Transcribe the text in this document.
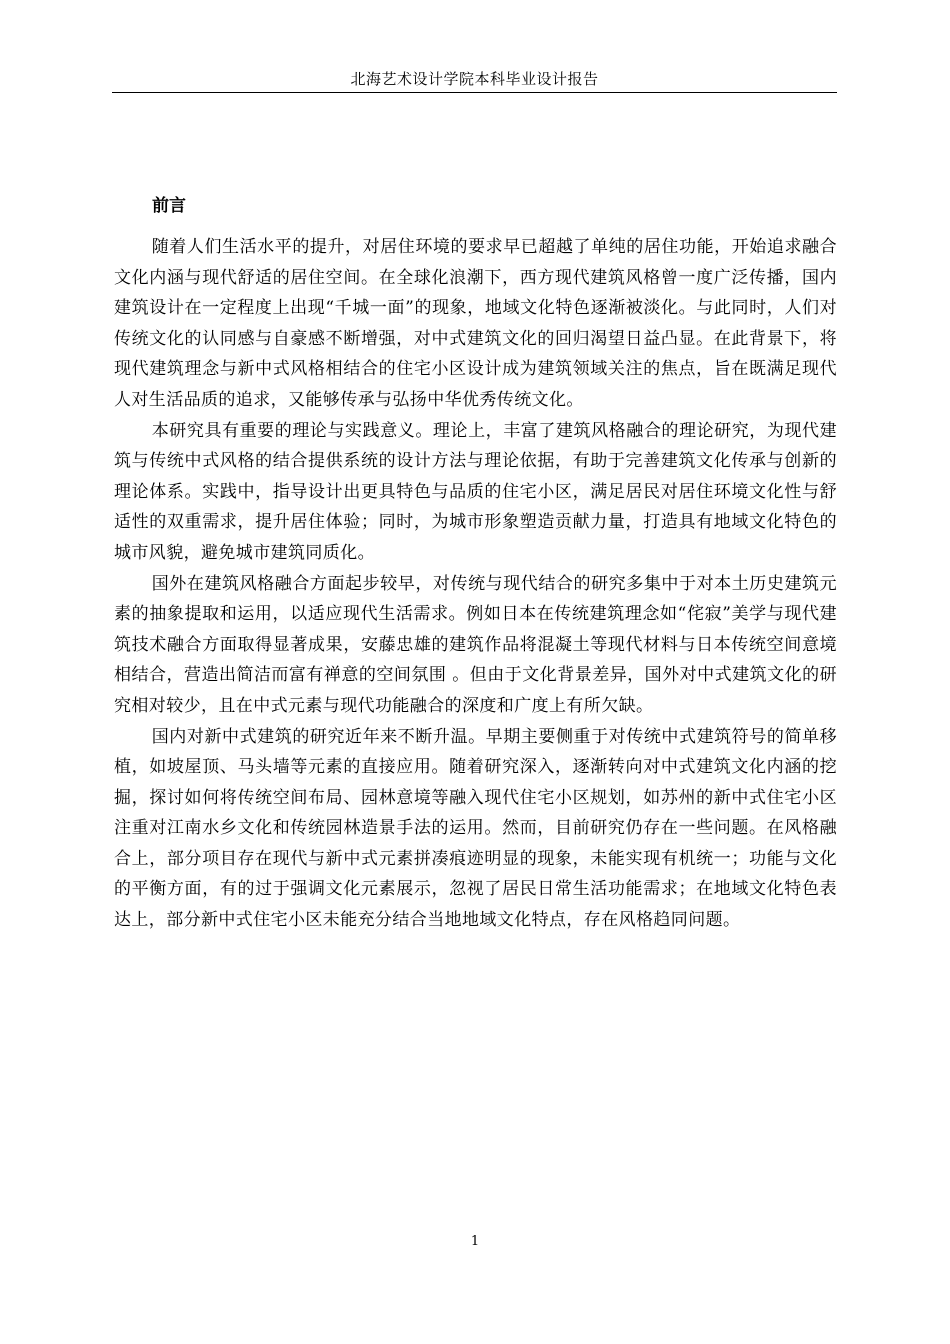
北海艺术设计学院本科毕业设计报告
前言

随着人们生活水平的提升，对居住环境的要求早已超越了单纯的居住功能，开始追求融合文化内涵与现代舒适的居住空间。在全球化浪潮下，西方现代建筑风格曾一度广泛传播，国内建筑设计在一定程度上出现“千城一面”的现象，地域文化特色逐渐被淡化。与此同时，人们对传统文化的认同感与自豪感不断增强，对中式建筑文化的回归渴望日益凸显。在此背景下，将现代建筑理念与新中式风格相结合的住宅小区设计成为建筑领域关注的焦点，旨在既满足现代人对生活品质的追求，又能够传承与弘扬中华优秀传统文化。

本研究具有重要的理论与实践意义。理论上，丰富了建筑风格融合的理论研究，为现代建筑与传统中式风格的结合提供系统的设计方法与理论依据，有助于完善建筑文化传承与创新的理论体系。实践中，指导设计出更具特色与品质的住宅小区，满足居民对居住环境文化性与舒适性的双重需求，提升居住体验；同时，为城市形象塑造贡献力量，打造具有地域文化特色的城市风貌，避免城市建筑同质化。

国外在建筑风格融合方面起步较早，对传统与现代结合的研究多集中于对本土历史建筑元素的抽象提取和运用，以适应现代生活需求。例如日本在传统建筑理念如“侘寂”美学与现代建筑技术融合方面取得显著成果，安藤忠雄的建筑作品将混凝土等现代材料与日本传统空间意境相结合，营造出简洁而富有禅意的空间氛围 。但由于文化背景差异，国外对中式建筑文化的研究相对较少，且在中式元素与现代功能融合的深度和广度上有所欠缺。

国内对新中式建筑的研究近年来不断升温。早期主要侧重于对传统中式建筑符号的简单移植，如坡屋顶、马头墙等元素的直接应用。随着研究深入，逐渐转向对中式建筑文化内涵的挖掘，探讨如何将传统空间布局、园林意境等融入现代住宅小区规划，如苏州的新中式住宅小区注重对江南水乡文化和传统园林造景手法的运用。然而，目前研究仍存在一些问题。在风格融合上，部分项目存在现代与新中式元素拼凑痕迹明显的现象，未能实现有机统一；功能与文化的平衡方面，有的过于强调文化元素展示，忽视了居民日常生活功能需求；在地域文化特色表达上，部分新中式住宅小区未能充分结合当地地域文化特点，存在风格趋同问题。

1
